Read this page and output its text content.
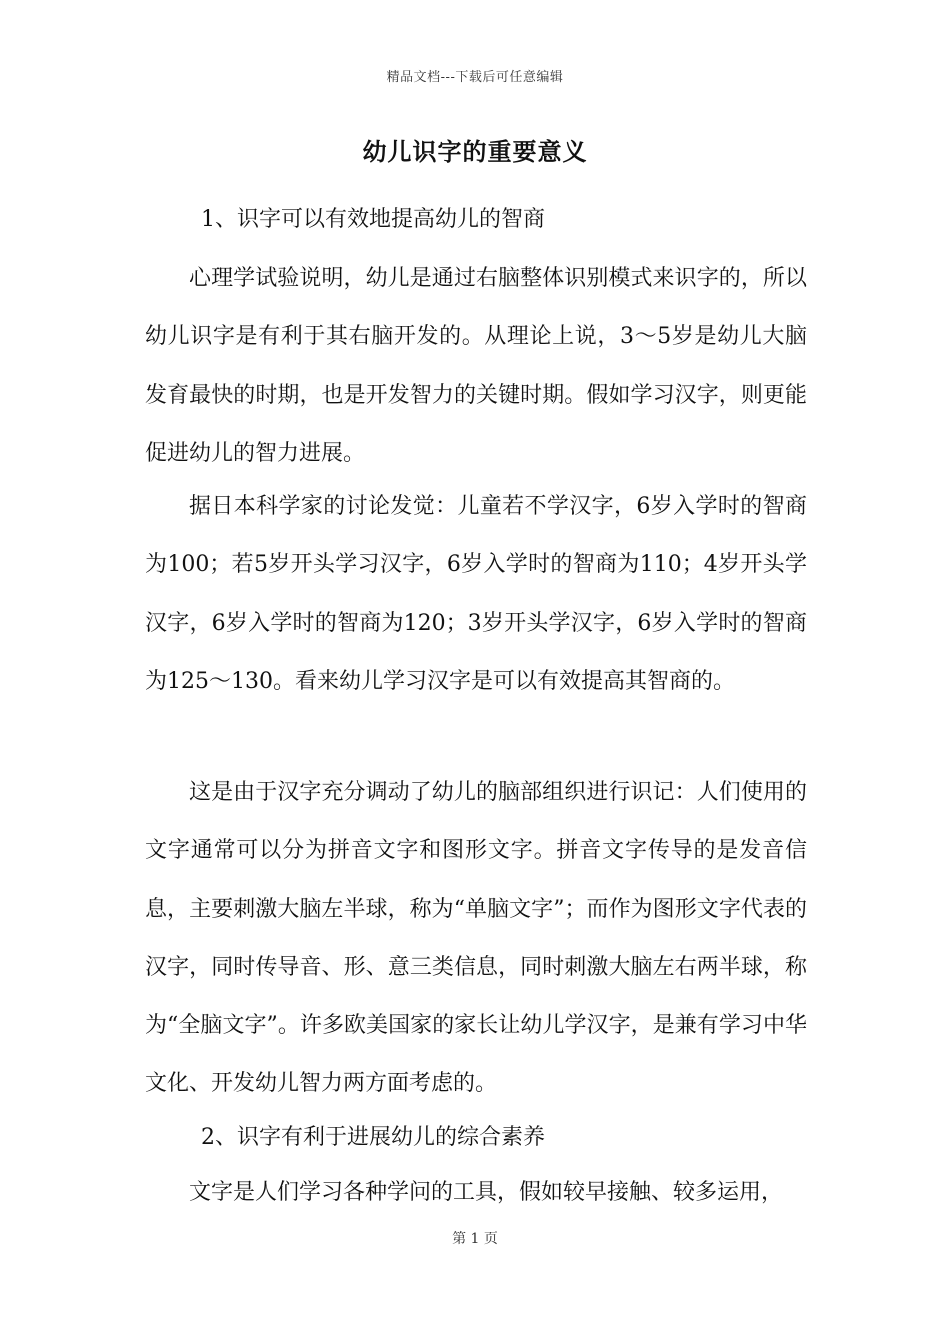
精品文档---下载后可任意编辑
幼儿识字的重要意义
1、识字可以有效地提高幼儿的智商
心理学试验说明，幼儿是通过右脑整体识别模式来识字的，所以幼儿识字是有利于其右脑开发的。从理论上说，3～5岁是幼儿大脑发育最快的时期，也是开发智力的关键时期。假如学习汉字，则更能促进幼儿的智力进展。
据日本科学家的讨论发觉：儿童若不学汉字，6岁入学时的智商为100；若5岁开头学习汉字，6岁入学时的智商为110；4岁开头学汉字，6岁入学时的智商为120；3岁开头学汉字，6岁入学时的智商为125～130。看来幼儿学习汉字是可以有效提高其智商的。
这是由于汉字充分调动了幼儿的脑部组织进行识记：人们使用的文字通常可以分为拼音文字和图形文字。拼音文字传导的是发音信息，主要刺激大脑左半球，称为“单脑文字”；而作为图形文字代表的汉字，同时传导音、形、意三类信息，同时刺激大脑左右两半球，称为“全脑文字”。许多欧美国家的家长让幼儿学汉字，是兼有学习中华文化、开发幼儿智力两方面考虑的。
2、识字有利于进展幼儿的综合素养
文字是人们学习各种学问的工具，假如较早接触、较多运用，
第 1 页
